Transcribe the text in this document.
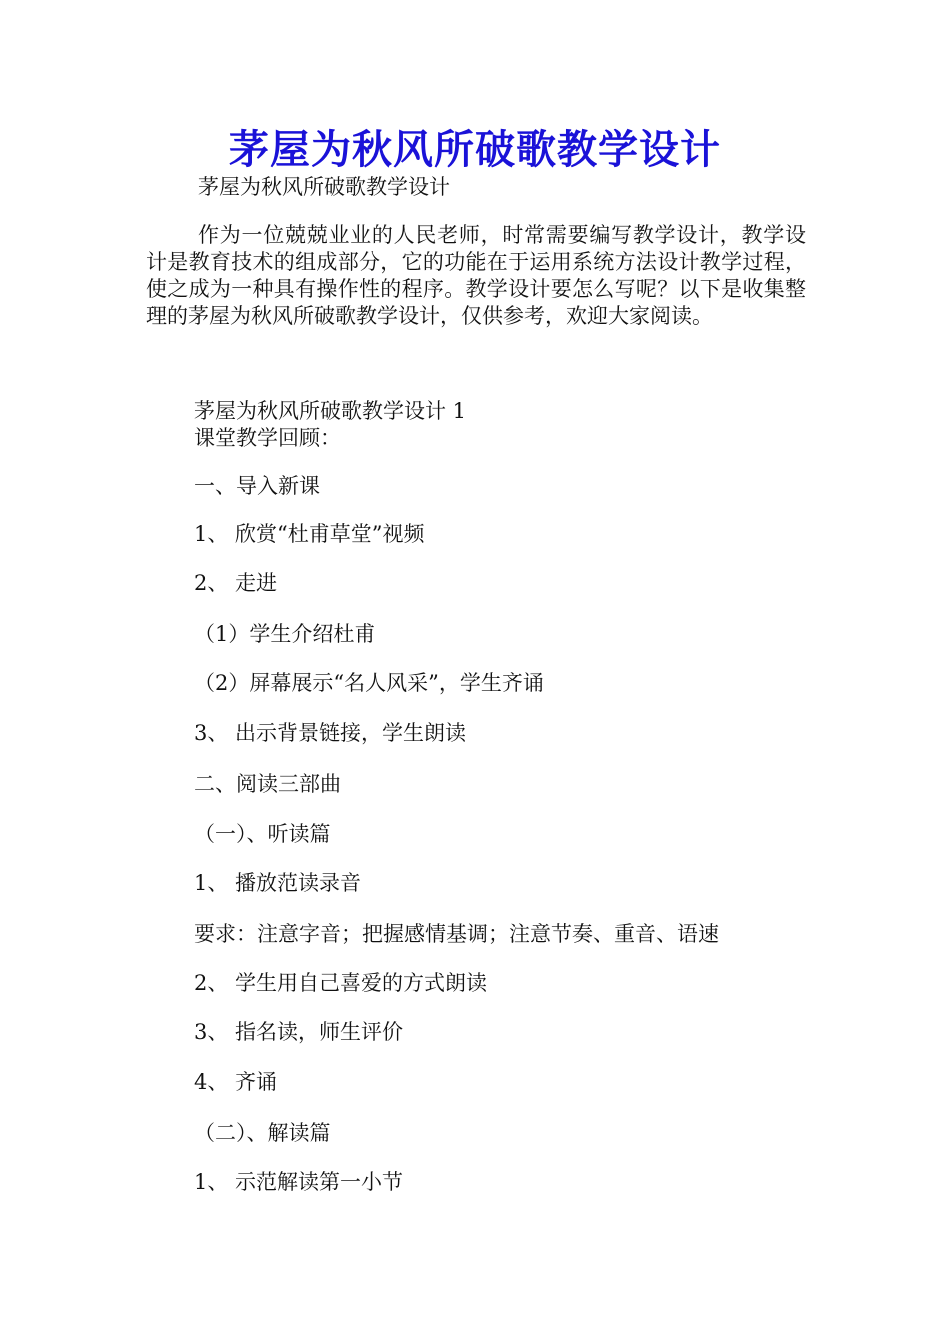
茅屋为秋风所破歌教学设计
茅屋为秋风所破歌教学设计

作为一位兢兢业业的人民老师，时常需要编写教学设计，教学设计是教育技术的组成部分，它的功能在于运用系统方法设计教学过程，使之成为一种具有操作性的程序。教学设计要怎么写呢？以下是收集整理的茅屋为秋风所破歌教学设计，仅供参考，欢迎大家阅读。

茅屋为秋风所破歌教学设计 1
课堂教学回顾：
一、导入新课
1、 欣赏“杜甫草堂”视频
2、 走进
（1）学生介绍杜甫
（2）屏幕展示“名人风采”，学生齐诵
3、 出示背景链接，学生朗读
二、阅读三部曲
（一）、听读篇
1、 播放范读录音
要求：注意字音；把握感情基调；注意节奏、重音、语速
2、 学生用自己喜爱的方式朗读
3、 指名读，师生评价
4、 齐诵
（二）、解读篇
1、 示范解读第一小节
